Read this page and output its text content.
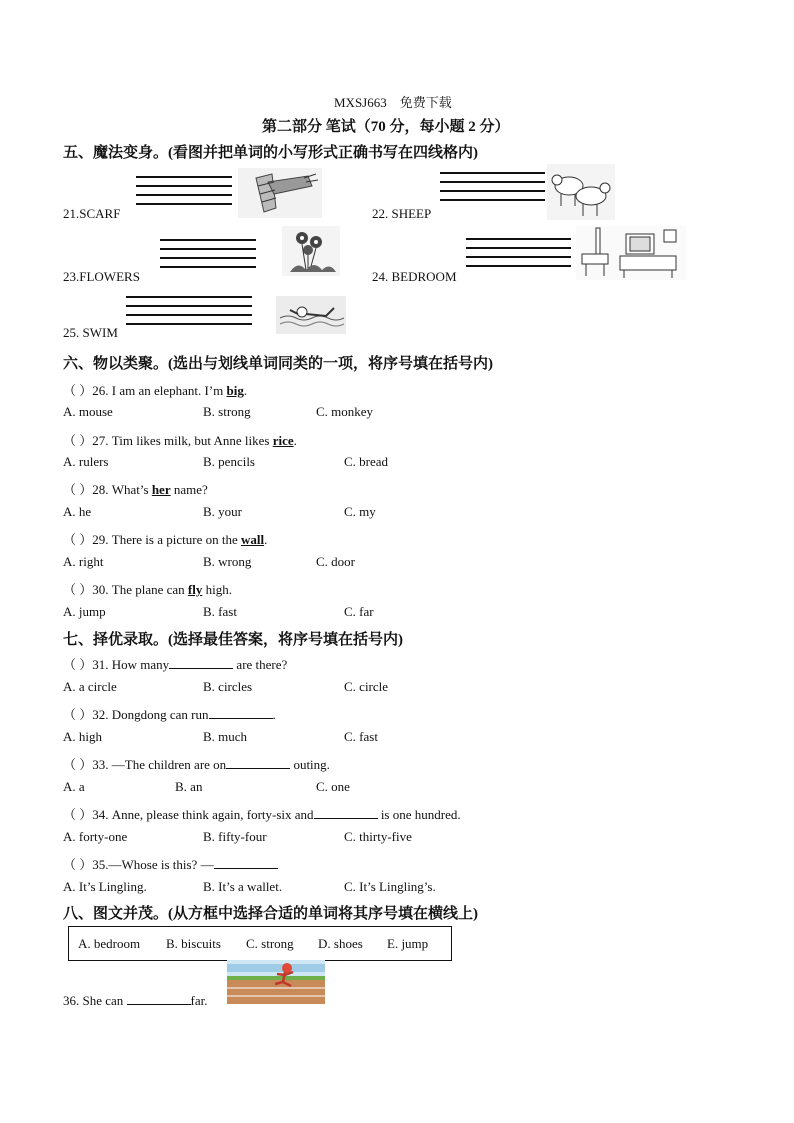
MXSJ663 免费下载
第二部分 笔试（70 分，每小题 2 分）
五、魔法变身。(看图并把单词的小写形式正确书写在四线格内)
21.SCARF	22. SHEEP
23.FLOWERS	24. BEDROOM
25. SWIM
六、物以类聚。(选出与划线单词同类的一项，将序号填在括号内)
（ ）26. I am an elephant. I’m big.
A. mouse	B. strong	C. monkey
（ ）27. Tim likes milk, but Anne likes rice.
A. rulers	B. pencils	C. bread
（ ）28. What’s her name?
A. he	B. your	C. my
（ ）29. There is a picture on the wall.
A. right	B. wrong	C. door
（ ）30. The plane can fly high.
A. jump	B. fast	C. far
七、择优录取。(选择最佳答案，将序号填在括号内)
（ ）31. How many	are there?
A. a circle	B. circles	C. circle
（ ）32. Dongdong can run	.
A. high	B. much	C. fast
（ ）33. —The children are on	outing.
A. a	B. an	C. one
（ ）34. Anne, please think again, forty-six and	is one hundred.
A. forty-one	B. fifty-four	C. thirty-five
（ ）35.—Whose is this? —
A. It’s Lingling.	B. It’s a wallet.	C. It’s Lingling’s.
八、图文并茂。(从方框中选择合适的单词将其序号填在横线上)
A. bedroom B. biscuits C. strong D. shoes E. jump
36. She can	far.
